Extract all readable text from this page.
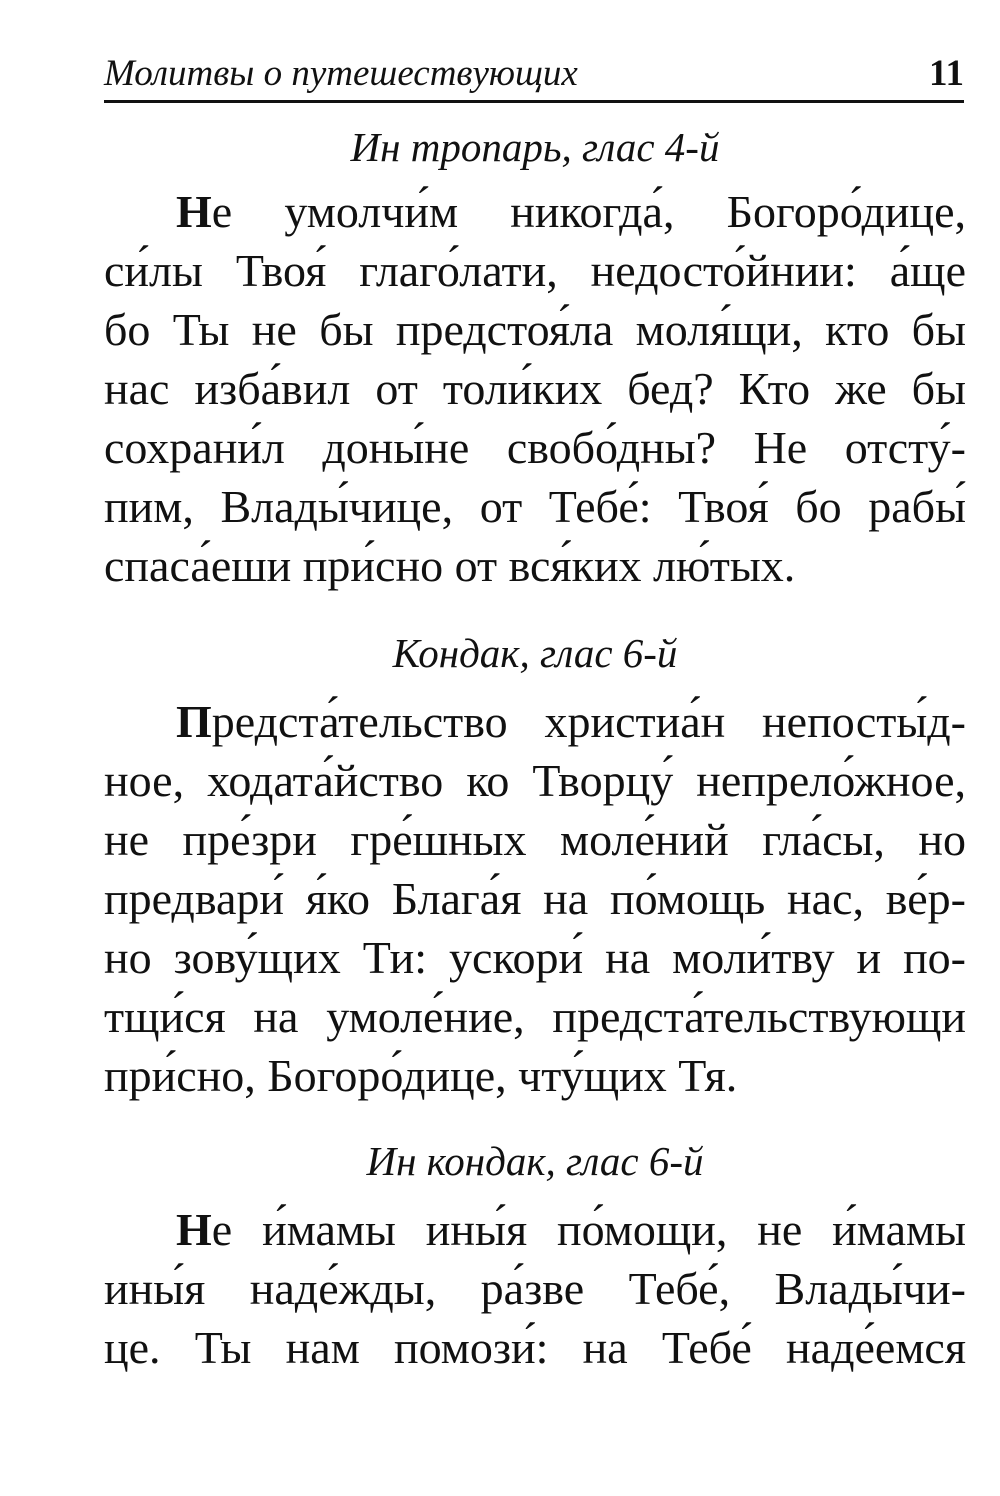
Молитвы о путешествующих	11
Ин тропарь, глас 4-й
Не умолчи́м никогда́, Богоро́дице,
си́лы Твоя́ глаго́лати, недосто́йнии: а́ще
бо Ты не бы предстоя́ла моля́щи, кто бы
нас изба́вил от толи́ких бед? Кто же бы
сохрани́л доны́не свобо́дны? Не отсту́-
пим, Влады́чице, от Тебе́: Твоя́ бо рабы́
спаса́еши при́сно от вся́ких лю́тых.
Кондак, глас 6-й
Предста́тельство христиа́н непосты́д-
ное, ходата́йство ко Творцу́ непрело́жное,
не пре́зри гре́шных моле́ний гла́сы, но
предвари́ я́ко Блага́я на по́мощь нас, ве́р-
но зову́щих Ти: ускори́ на моли́тву и по-
тщи́ся на умоле́ние, предста́тельствующи
при́сно, Богоро́дице, чту́щих Тя.
Ин кондак, глас 6-й
Не и́мамы ины́я по́мощи, не и́мамы
ины́я наде́жды, ра́зве Тебе́, Влады́чи-
це. Ты нам помози́: на Тебе́ наде́емся
